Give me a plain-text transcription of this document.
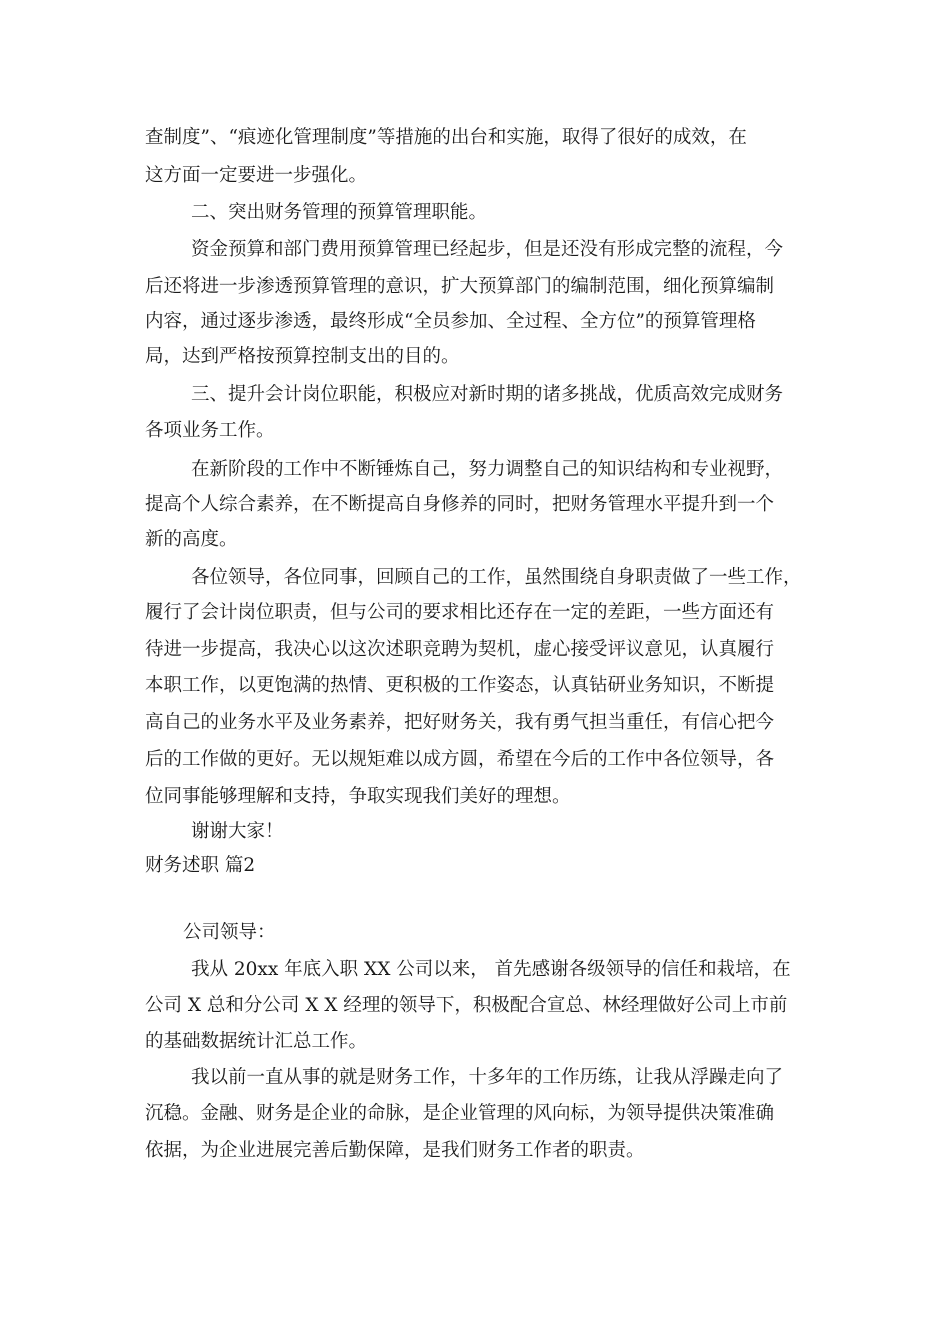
查制度”、“痕迹化管理制度”等措施的出台和实施，取得了很好的成效，在
这方面一定要进一步强化。
二、突出财务管理的预算管理职能。
资金预算和部门费用预算管理已经起步，但是还没有形成完整的流程，今
后还将进一步渗透预算管理的意识，扩大预算部门的编制范围，细化预算编制
内容，通过逐步渗透，最终形成“全员参加、全过程、全方位”的预算管理格
局，达到严格按预算控制支出的目的。
三、提升会计岗位职能，积极应对新时期的诸多挑战，优质高效完成财务
各项业务工作。
在新阶段的工作中不断锤炼自己，努力调整自己的知识结构和专业视野，
提高个人综合素养，在不断提高自身修养的同时，把财务管理水平提升到一个
新的高度。
各位领导，各位同事，回顾自己的工作，虽然围绕自身职责做了一些工作，
履行了会计岗位职责，但与公司的要求相比还存在一定的差距，一些方面还有
待进一步提高，我决心以这次述职竞聘为契机，虚心接受评议意见，认真履行
本职工作，以更饱满的热情、更积极的工作姿态，认真钻研业务知识，不断提
高自己的业务水平及业务素养，把好财务关，我有勇气担当重任，有信心把今
后的工作做的更好。无以规矩难以成方圆，希望在今后的工作中各位领导，各
位同事能够理解和支持，争取实现我们美好的理想。
谢谢大家！
财务述职 篇2
公司领导：
我从 20xx 年底入职 XX 公司以来， 首先感谢各级领导的信任和栽培，在
公司 X 总和分公司 X X 经理的领导下，积极配合宣总、林经理做好公司上市前
的基础数据统计汇总工作。
我以前一直从事的就是财务工作，十多年的工作历练，让我从浮躁走向了
沉稳。金融、财务是企业的命脉，是企业管理的风向标，为领导提供决策准确
依据，为企业进展完善后勤保障，是我们财务工作者的职责。
